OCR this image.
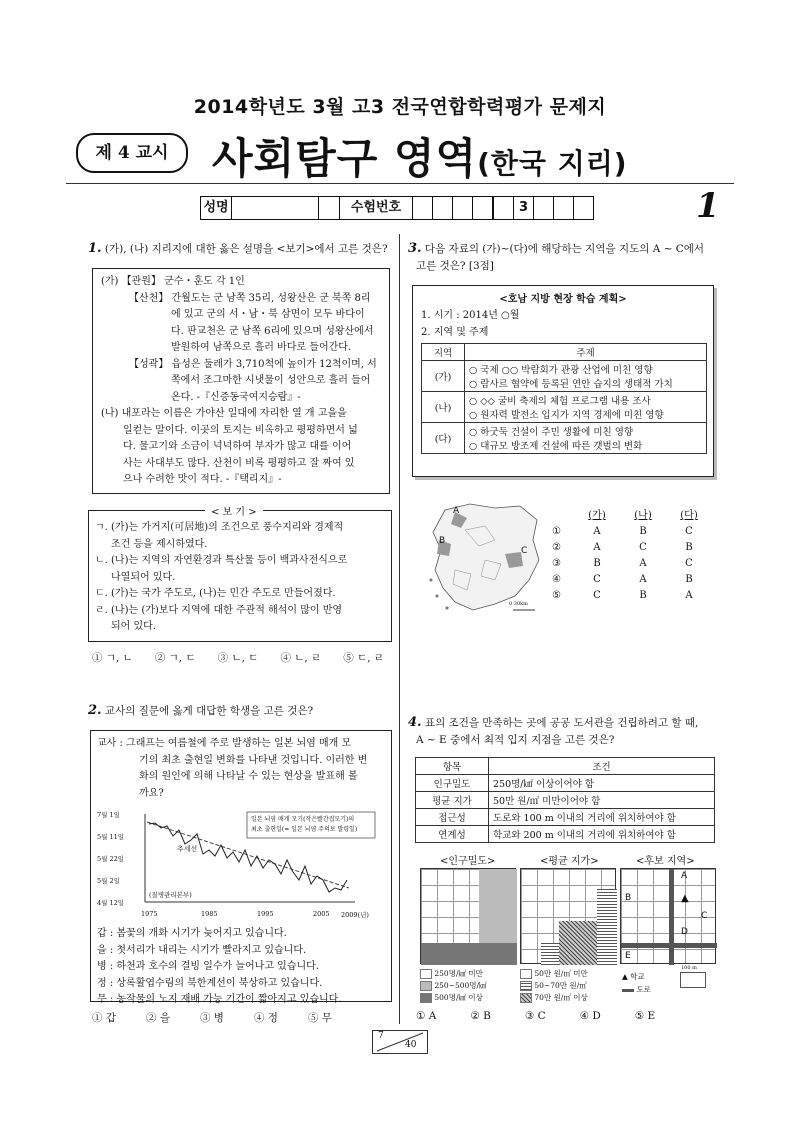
2014학년도 3월 고3 전국연합학력평가 문제지
제 4 교시	사회탐구 영역(한국 지리)
성명	수험번호	3	1
1. (가), (나) 지리지에 대한 옳은 설명을 <보기>에서 고른 것은?
(가) 【관원】 군수・훈도 각 1인
【산천】 간월도는 군 남쪽 35리, 성왕산은 군 북쪽 8리
에 있고 군의 서・남・북 삼면이 모두 바다이
다. 판교천은 군 남쪽 6리에 있으며 성왕산에서
발원하여 남쪽으로 흘러 바다로 들어간다.
【성곽】 읍성은 둘레가 3,710척에 높이가 12척이며, 서
쪽에서 조그마한 시냇물이 성안으로 흘러 들어
온다. -『신증동국여지승람』-
(나) 내포라는 이름은 가야산 일대에 자리한 열 개 고을을
일컫는 말이다. 이곳의 토지는 비옥하고 평평하면서 넓
다. 물고기와 소금이 넉넉하여 부자가 많고 대를 이어
사는 사대부도 많다. 산천이 비록 평평하고 잘 짜여 있
으나 수려한 맛이 적다. -『택리지』-
ㄱ. (가)는 가거지(可居地)의 조건으로 풍수지리와 경제적
조건 등을 제시하였다.
ㄴ. (나)는 지역의 자연환경과 특산물 등이 백과사전식으로
나열되어 있다.
ㄷ. (가)는 국가 주도로, (나)는 민간 주도로 만들어졌다.
ㄹ. (나)는 (가)보다 지역에 대한 주관적 해석이 많이 반영
되어 있다.
< 보 기 >
① ㄱ, ㄴ ② ㄱ, ㄷ ③ ㄴ, ㄷ ④ ㄴ, ㄹ ⑤ ㄷ, ㄹ
2. 교사의 질문에 옳게 대답한 학생을 고른 것은?
교사 : 그래프는 여름철에 주로 발생하는 일본 뇌염 매개 모
기의 최초 출현일 변화를 나타낸 것입니다. 이러한 변
화의 원인에 의해 나타날 수 있는 현상을 발표해 볼
까요?
7월 1일
5월 11일
5월 22일
5월 2일
4월 12일
일본 뇌염 매개 모기(작은빨간집모기)의
최초 출현일(= 일본 뇌염 주의보 발령일)
추세선
(질병관리본부)
1975	1985	1995	2005 2009(년)
갑 : 봄꽃의 개화 시기가 늦어지고 있습니다.
을 : 첫서리가 내리는 시기가 빨라지고 있습니다.
병 : 하천과 호수의 결빙 일수가 늘어나고 있습니다.
정 : 상록활엽수림의 북한계선이 북상하고 있습니다.
무 : 농작물의 노지 재배 가능 기간이 짧아지고 있습니다.
① 갑	② 을	③ 병	④ 정	⑤ 무
3. 다음 자료의 (가)~(다)에 해당하는 지역을 지도의 A ~ C에서
고른 것은? [3점]
<호남 지방 현장 학습 계획>
1. 시기 : 2014년 ○월
2. 지역 및 주제
지역	주제
(가)	○ 국제 ○○ 박람회가 관광 산업에 미친 영향
○ 람사르 협약에 등록된 연안 습지의 생태적 가치

(나)	○ ◇◇ 굴비 축제의 체험 프로그램 내용 조사
○ 원자력 발전소 입지가 지역 경제에 미친 영향

(다)	○ 하굿둑 건설이 주민 생활에 미친 영향
○ 대규모 방조제 건설에 따른 갯벌의 변화
A
B
C
0 30km
(가)	(나)	(다)
①	A	B	C
②	A	C	B
③	B	A	C
④	C	A	B
⑤	C	B	A
4. 표의 조건을 만족하는 곳에 공공 도서관을 건립하려고 할 때,
A ~ E 중에서 최적 입지 지점을 고른 것은?
항목	조건
인구밀도	250명/㎢ 이상이어야 함
평균 지가	50만 원/㎡ 미만이어야 함
접근성	도로와 100 m 이내의 거리에 위치하여야 함
연계성	학교와 200 m 이내의 거리에 위치하여야 함
<인구밀도>	<평균 지가>	<후보 지역>
A
B
C
D
E
▲
250명/㎢ 미만
250~500명/㎢
500명/㎢ 이상
50만 원/㎡ 미만
50~70만 원/㎡
70만 원/㎡ 이상
▲ 학교
도로
100 m
① A	② B	③ C	④ D	⑤ E
7
40
